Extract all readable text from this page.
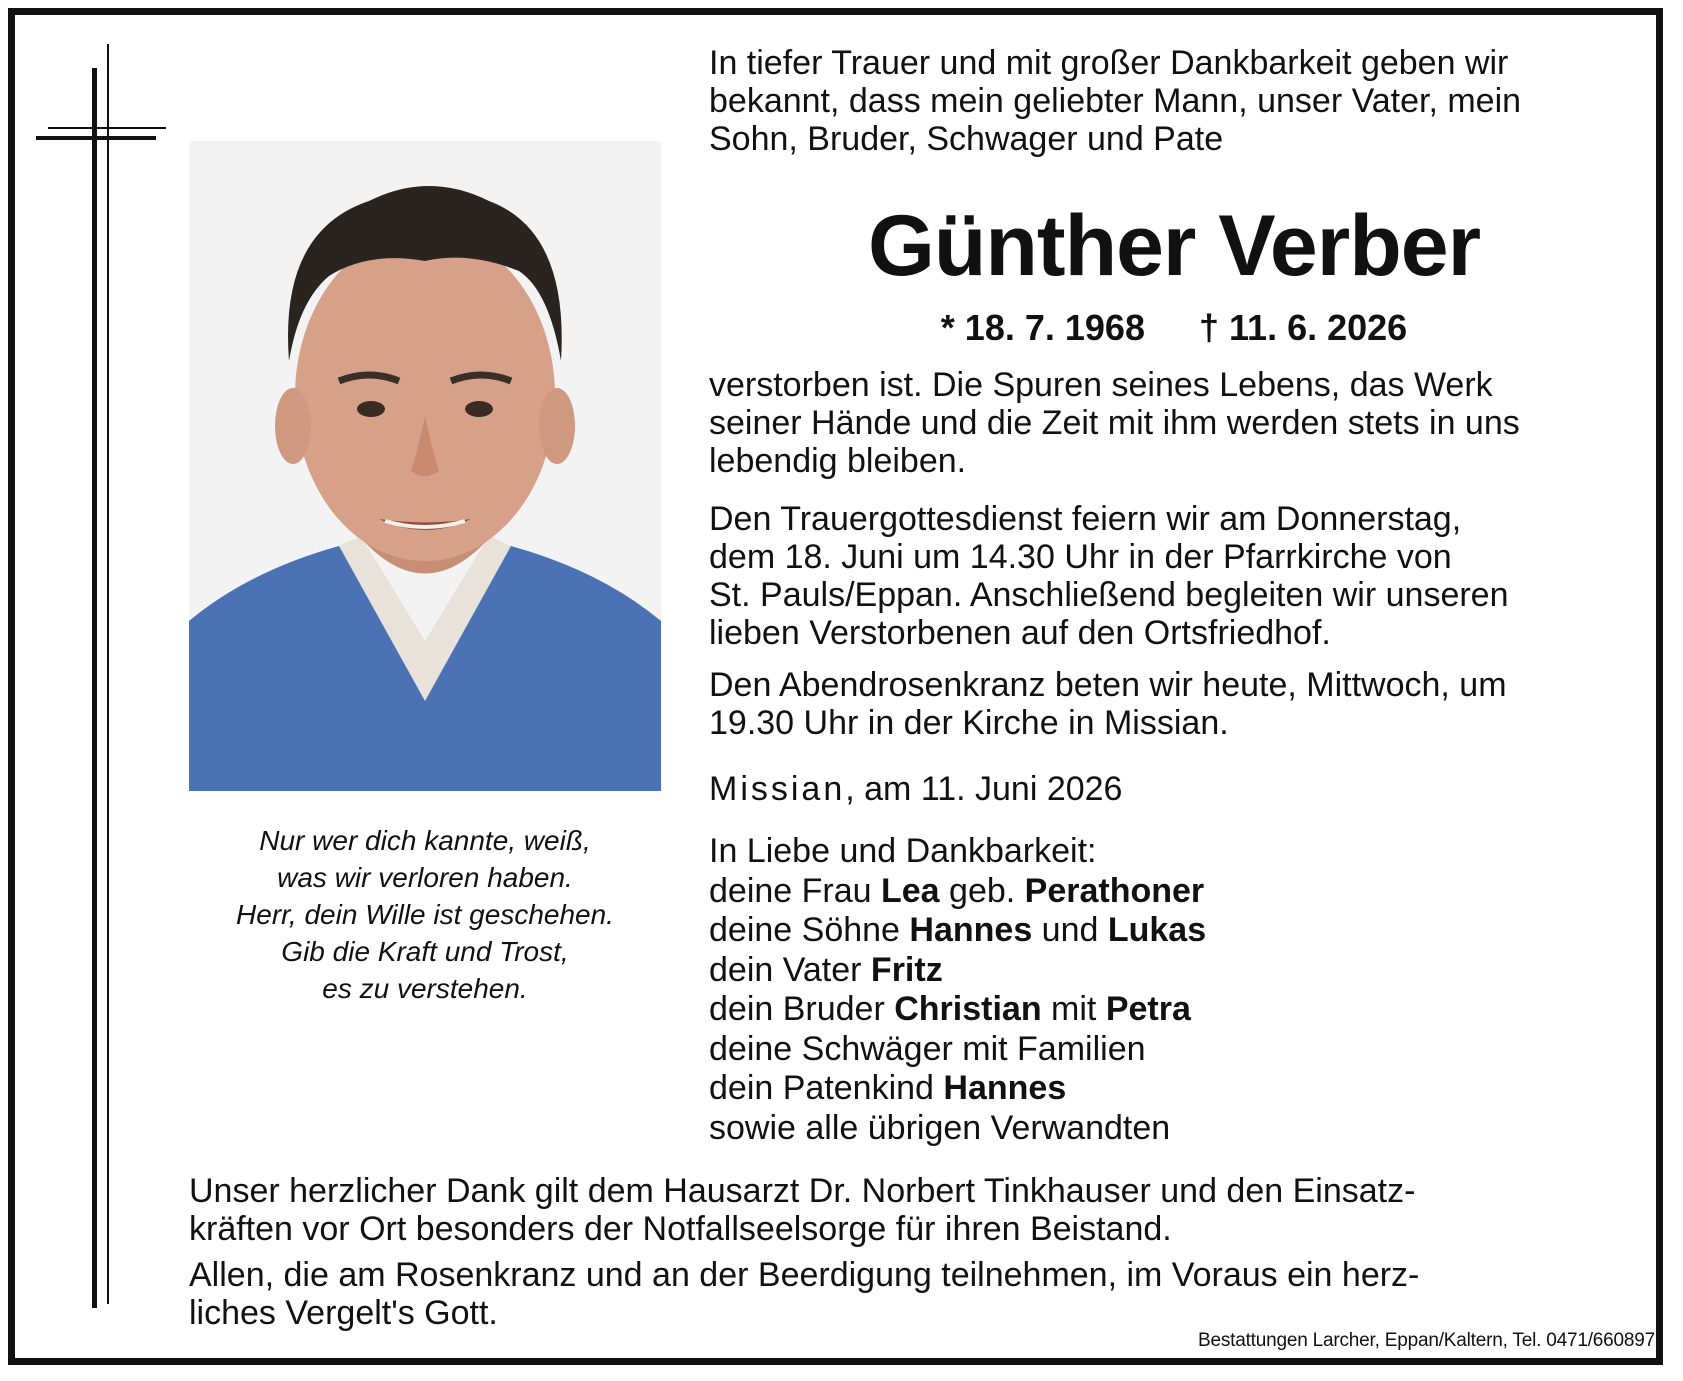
Nur wer dich kannte, weiß,
was wir verloren haben.
Herr, dein Wille ist geschehen.
Gib die Kraft und Trost,
es zu verstehen.
In tiefer Trauer und mit großer Dankbarkeit geben wir
bekannt, dass mein geliebter Mann, unser Vater, mein
Sohn, Bruder, Schwager und Pate
Günther Verber
* 18. 7. 1968 † 11. 6. 2026
verstorben ist. Die Spuren seines Lebens, das Werk
seiner Hände und die Zeit mit ihm werden stets in uns
lebendig bleiben.
Den Trauergottesdienst feiern wir am Donnerstag,
dem 18. Juni um 14.30 Uhr in der Pfarrkirche von
St. Pauls/Eppan. Anschließend begleiten wir unseren
lieben Verstorbenen auf den Ortsfriedhof.
Den Abendrosenkranz beten wir heute, Mittwoch, um
19.30 Uhr in der Kirche in Missian.
Missian, am 11. Juni 2026
In Liebe und Dankbarkeit:
deine Frau Lea geb. Perathoner
deine Söhne Hannes und Lukas
dein Vater Fritz
dein Bruder Christian mit Petra
deine Schwäger mit Familien
dein Patenkind Hannes
sowie alle übrigen Verwandten
Unser herzlicher Dank gilt dem Hausarzt Dr. Norbert Tinkhauser und den Einsatz-
kräften vor Ort besonders der Notfallseelsorge für ihren Beistand.
Allen, die am Rosenkranz und an der Beerdigung teilnehmen, im Voraus ein herz-
liches Vergelt's Gott.
Bestattungen Larcher, Eppan/Kaltern, Tel. 0471/660897
